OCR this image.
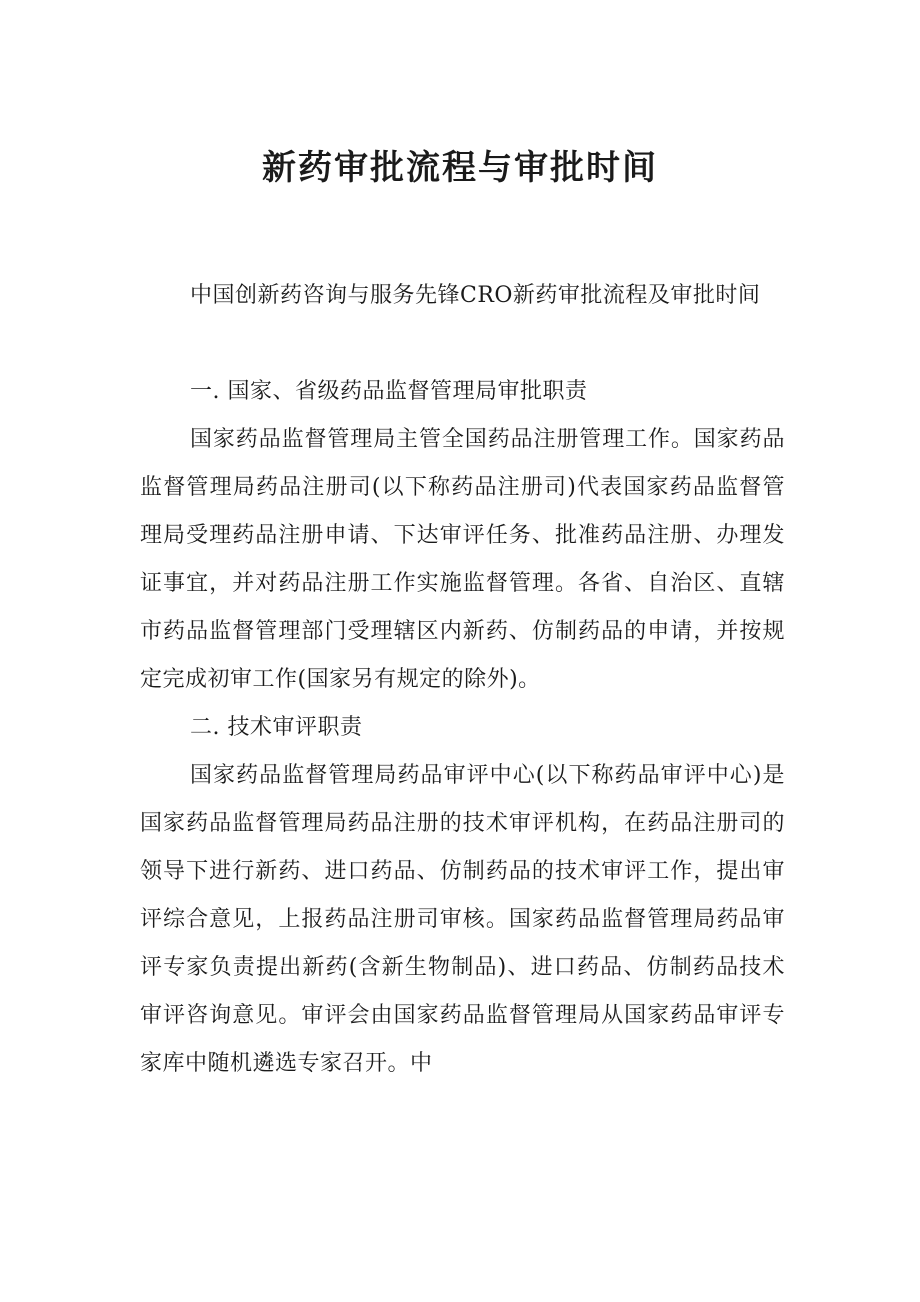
新药审批流程与审批时间

中国创新药咨询与服务先锋CRO新药审批流程及审批时间

一. 国家、省级药品监督管理局审批职责

国家药品监督管理局主管全国药品注册管理工作。国家药品监督管理局药品注册司(以下称药品注册司)代表国家药品监督管理局受理药品注册申请、下达审评任务、批准药品注册、办理发证事宜，并对药品注册工作实施监督管理。各省、自治区、直辖市药品监督管理部门受理辖区内新药、仿制药品的申请，并按规定完成初审工作(国家另有规定的除外)。

二. 技术审评职责

国家药品监督管理局药品审评中心(以下称药品审评中心)是国家药品监督管理局药品注册的技术审评机构，在药品注册司的领导下进行新药、进口药品、仿制药品的技术审评工作，提出审评综合意见，上报药品注册司审核。国家药品监督管理局药品审评专家负责提出新药(含新生物制品)、进口药品、仿制药品技术审评咨询意见。审评会由国家药品监督管理局从国家药品审评专家库中随机遴选专家召开。中
